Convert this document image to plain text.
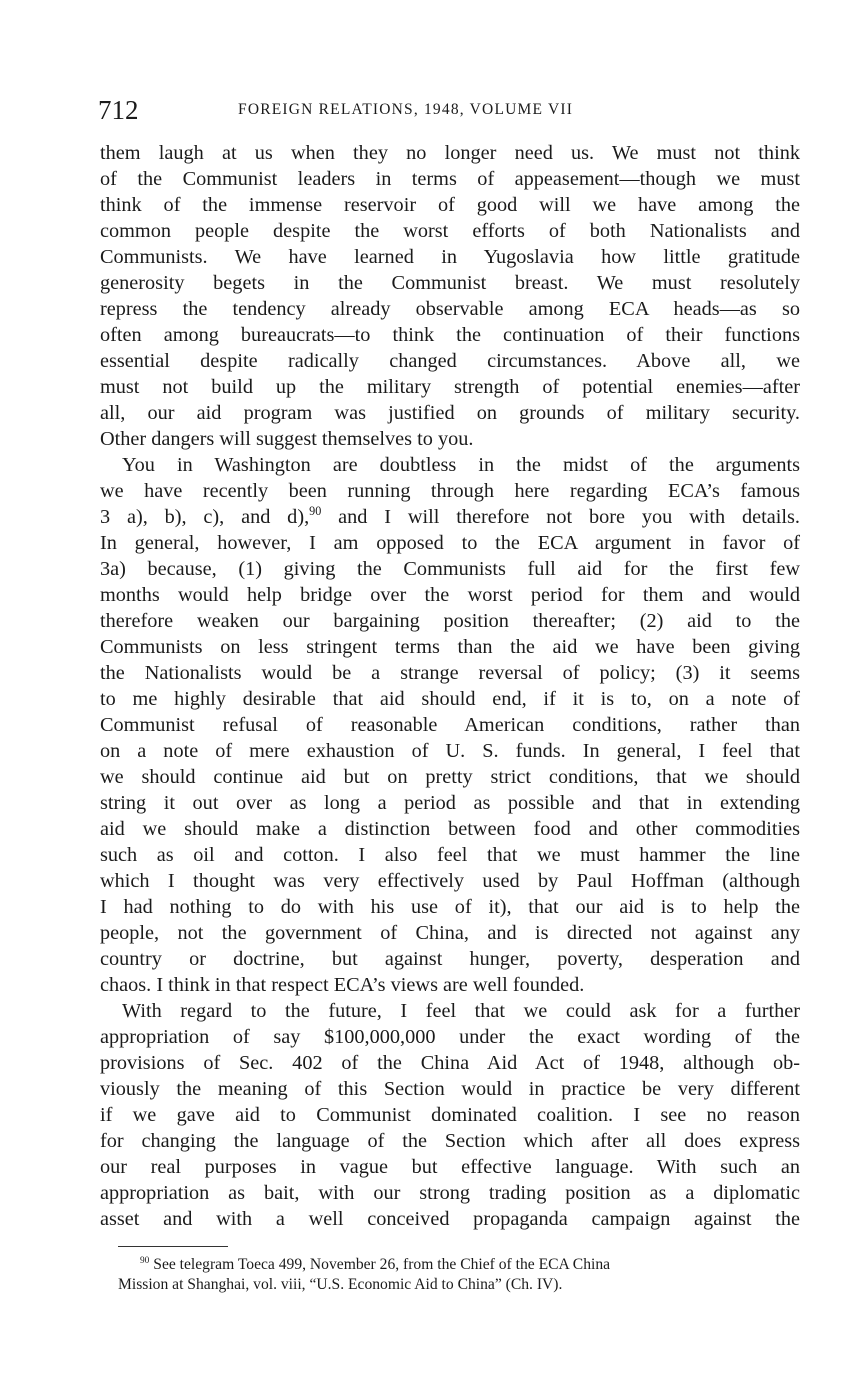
712	FOREIGN RELATIONS, 1948, VOLUME VII
them laugh at us when they no longer need us. We must not think
of the Communist leaders in terms of appeasement—though we must
think of the immense reservoir of good will we have among the
common people despite the worst efforts of both Nationalists and
Communists. We have learned in Yugoslavia how little gratitude
generosity begets in the Communist breast. We must resolutely
repress the tendency already observable among ECA heads—as so
often among bureaucrats—to think the continuation of their functions
essential despite radically changed circumstances. Above all, we
must not build up the military strength of potential enemies—after
all, our aid program was justified on grounds of military security.
Other dangers will suggest themselves to you.
You in Washington are doubtless in the midst of the arguments
we have recently been running through here regarding ECA’s famous
3 a), b), c), and d),$^{90}$ and I will therefore not bore you with details.
In general, however, I am opposed to the ECA argument in favor of
3a) because, (1) giving the Communists full aid for the first few
months would help bridge over the worst period for them and would
therefore weaken our bargaining position thereafter; (2) aid to the
Communists on less stringent terms than the aid we have been giving
the Nationalists would be a strange reversal of policy; (3) it seems
to me highly desirable that aid should end, if it is to, on a note of
Communist refusal of reasonable American conditions, rather than
on a note of mere exhaustion of U. S. funds. In general, I feel that
we should continue aid but on pretty strict conditions, that we should
string it out over as long a period as possible and that in extending
aid we should make a distinction between food and other commodities
such as oil and cotton. I also feel that we must hammer the line
which I thought was very effectively used by Paul Hoffman (although
I had nothing to do with his use of it), that our aid is to help the
people, not the government of China, and is directed not against any
country or doctrine, but against hunger, poverty, desperation and
chaos. I think in that respect ECA’s views are well founded.
With regard to the future, I feel that we could ask for a further
appropriation of say $100,000,000 under the exact wording of the
provisions of Sec. 402 of the China Aid Act of 1948, although ob-
viously the meaning of this Section would in practice be very different
if we gave aid to Communist dominated coalition. I see no reason
for changing the language of the Section which after all does express
our real purposes in vague but effective language. With such an
appropriation as bait, with our strong trading position as a diplomatic
asset and with a well conceived propaganda campaign against the
$^{90}$ See telegram Toeca 499, November 26, from the Chief of the ECA China
Mission at Shanghai, vol. viii, “U.S. Economic Aid to China” (Ch. IV).
